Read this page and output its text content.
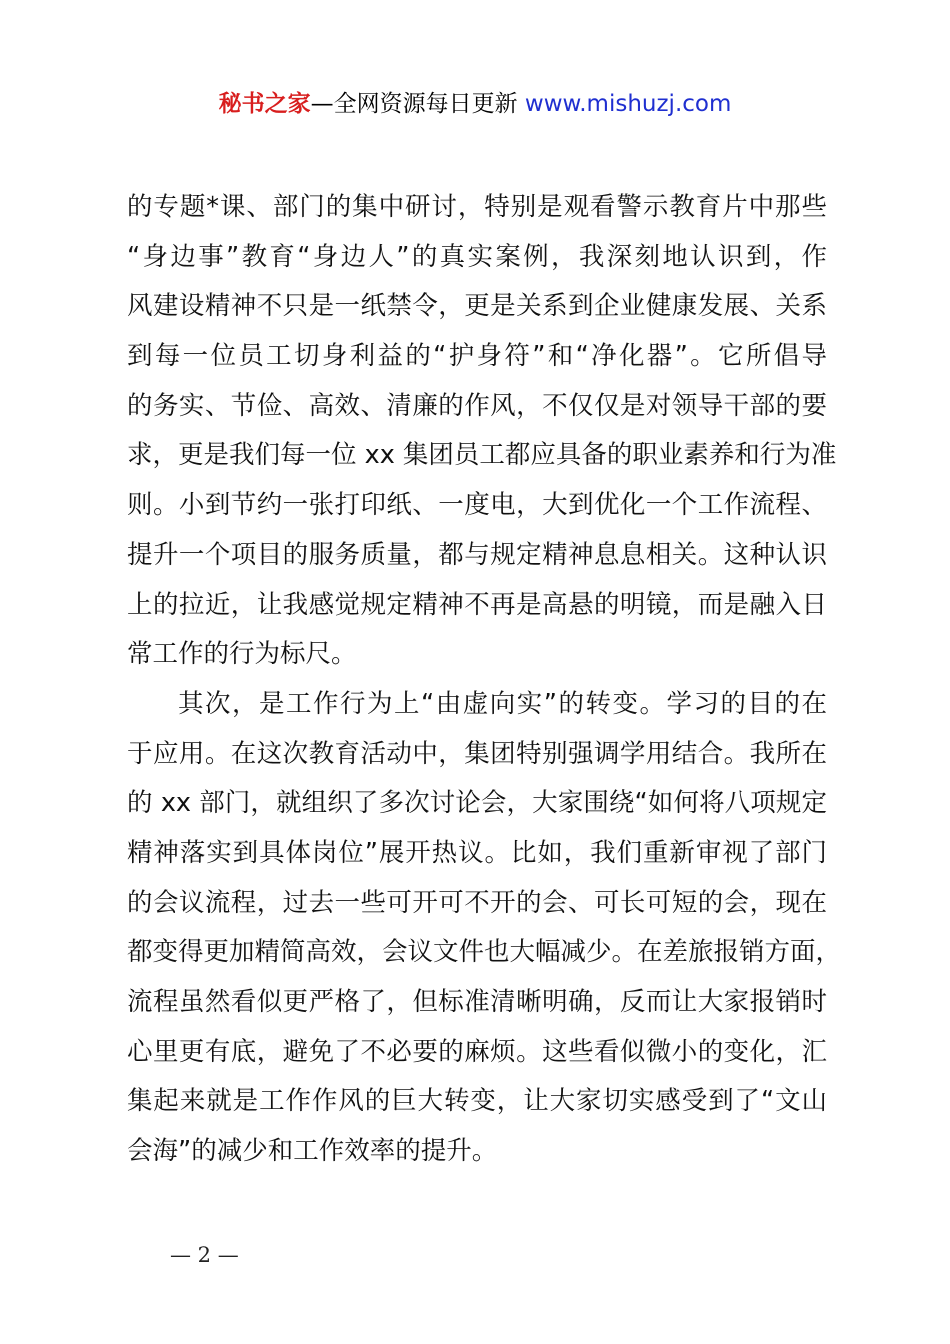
秘书之家—全网资源每日更新 www.mishuzj.com
的专题*课、部门的集中研讨，特别是观看警示教育片中那些
“身边事”教育“身边人”的真实案例，我深刻地认识到，作
风建设精神不只是一纸禁令，更是关系到企业健康发展、关系
到每一位员工切身利益的“护身符”和“净化器”。它所倡导
的务实、节俭、高效、清廉的作风，不仅仅是对领导干部的要
求，更是我们每一位 xx 集团员工都应具备的职业素养和行为准
则。小到节约一张打印纸、一度电，大到优化一个工作流程、
提升一个项目的服务质量，都与规定精神息息相关。这种认识
上的拉近，让我感觉规定精神不再是高悬的明镜，而是融入日
常工作的行为标尺。
其次，是工作行为上“由虚向实”的转变。学习的目的在
于应用。在这次教育活动中，集团特别强调学用结合。我所在
的 xx 部门，就组织了多次讨论会，大家围绕“如何将八项规定
精神落实到具体岗位”展开热议。比如，我们重新审视了部门
的会议流程，过去一些可开可不开的会、可长可短的会，现在
都变得更加精简高效，会议文件也大幅减少。在差旅报销方面，
流程虽然看似更严格了，但标准清晰明确，反而让大家报销时
心里更有底，避免了不必要的麻烦。这些看似微小的变化，汇
集起来就是工作作风的巨大转变，让大家切实感受到了“文山
会海”的减少和工作效率的提升。
— 2 —
